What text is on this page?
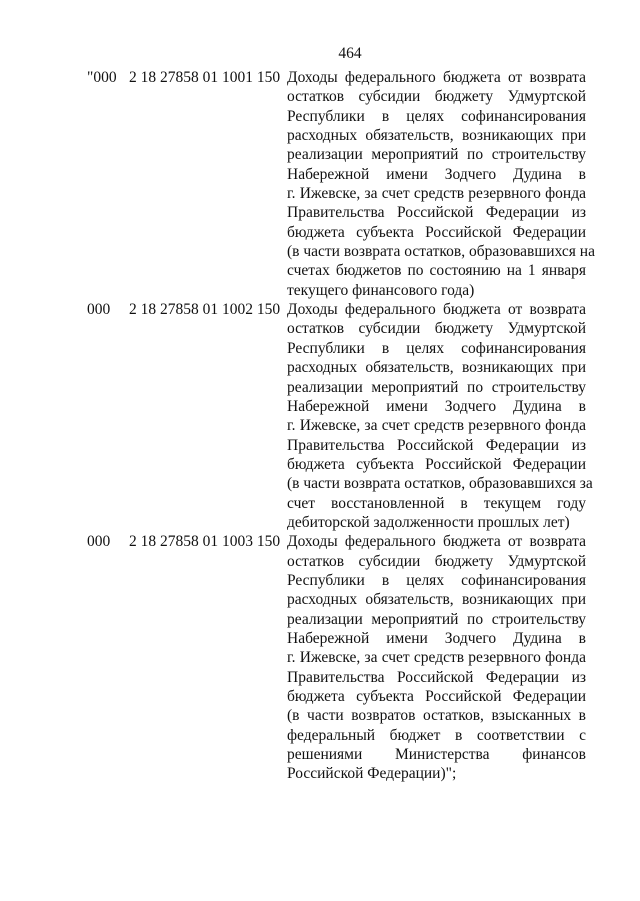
464
"000 2 18 27858 01 1001 150 Доходы федерального бюджета от возврата
остатков субсидии бюджету Удмуртской
Республики в целях софинансирования
расходных обязательств, возникающих при
реализации мероприятий по строительству
Набережной имени Зодчего Дудина в
г. Ижевске, за счет средств резервного фонда
Правительства Российской Федерации из
бюджета субъекта Российской Федерации
(в части возврата остатков, образовавшихся на
счетах бюджетов по состоянию на 1 января
текущего финансового года)
000 2 18 27858 01 1002 150 Доходы федерального бюджета от возврата
остатков субсидии бюджету Удмуртской
Республики в целях софинансирования
расходных обязательств, возникающих при
реализации мероприятий по строительству
Набережной имени Зодчего Дудина в
г. Ижевске, за счет средств резервного фонда
Правительства Российской Федерации из
бюджета субъекта Российской Федерации
(в части возврата остатков, образовавшихся за
счет восстановленной в текущем году
дебиторской задолженности прошлых лет)
000 2 18 27858 01 1003 150 Доходы федерального бюджета от возврата
остатков субсидии бюджету Удмуртской
Республики в целях софинансирования
расходных обязательств, возникающих при
реализации мероприятий по строительству
Набережной имени Зодчего Дудина в
г. Ижевске, за счет средств резервного фонда
Правительства Российской Федерации из
бюджета субъекта Российской Федерации
(в части возвратов остатков, взысканных в
федеральный бюджет в соответствии с
решениями Министерства финансов
Российской Федерации)";
